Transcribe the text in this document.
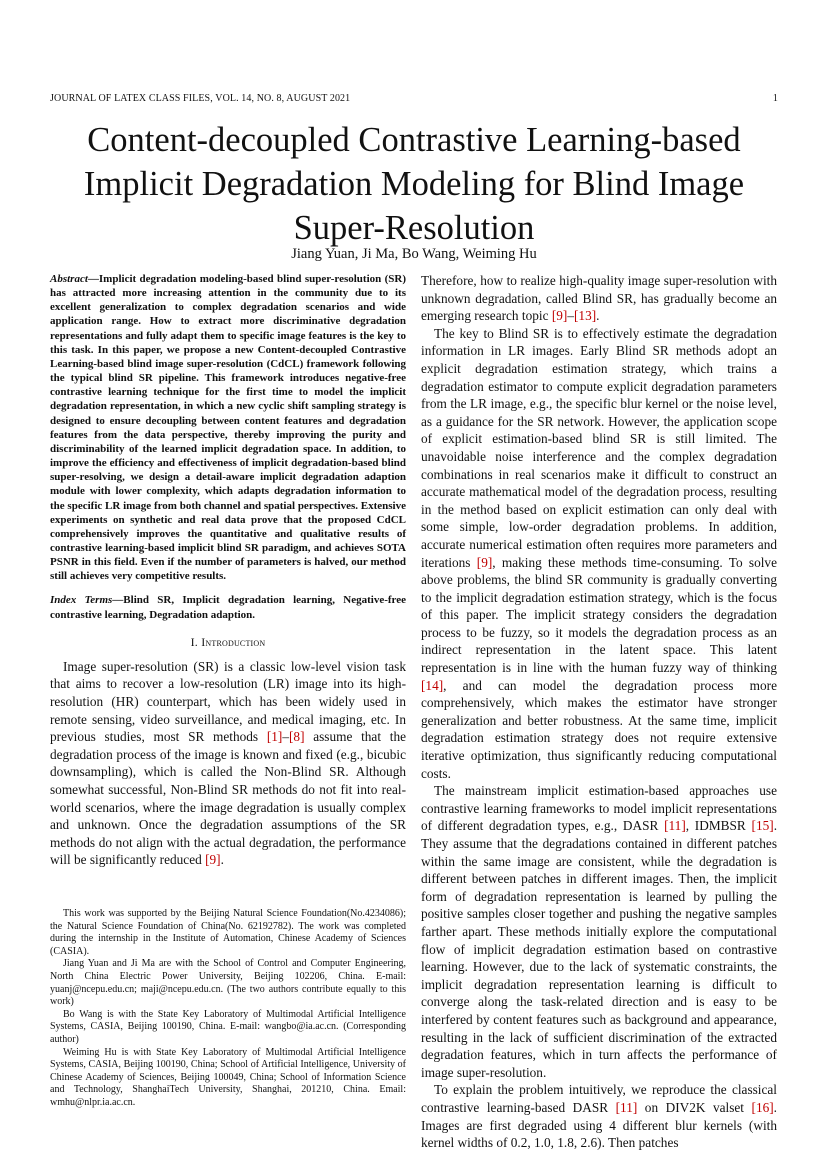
JOURNAL OF LATEX CLASS FILES, VOL. 14, NO. 8, AUGUST 2021	1
Content-decoupled Contrastive Learning-based
Implicit Degradation Modeling for Blind Image
Super-Resolution
Jiang Yuan, Ji Ma, Bo Wang, Weiming Hu

Abstract—Implicit degradation modeling-based blind super-resolution (SR) has attracted more increasing attention in the community due to its excellent generalization to complex degradation scenarios and wide application range. How to extract more discriminative degradation representations and fully adapt them to specific image features is the key to this task. In this paper, we propose a new Content-decoupled Contrastive Learning-based blind image super-resolution (CdCL) framework following the typical blind SR pipeline. This framework introduces negative-free contrastive learning technique for the first time to model the implicit degradation representation, in which a new cyclic shift sampling strategy is designed to ensure decoupling between content features and degradation features from the data perspective, thereby improving the purity and discriminability of the learned implicit degradation space. In addition, to improve the efficiency and effectiveness of implicit degradation-based blind super-resolving, we design a detail-aware implicit degradation adaption module with lower complexity, which adapts degradation information to the specific LR image from both channel and spatial perspectives. Extensive experiments on synthetic and real data prove that the proposed CdCL comprehensively improves the quantitative and qualitative results of contrastive learning-based implicit blind SR paradigm, and achieves SOTA PSNR in this field. Even if the number of parameters is halved, our method still achieves very competitive results.

Index Terms—Blind SR, Implicit degradation learning, Negative-free contrastive learning, Degradation adaption.

I. Introduction

Image super-resolution (SR) is a classic low-level vision task that aims to recover a low-resolution (LR) image into its high-resolution (HR) counterpart, which has been widely used in remote sensing, video surveillance, and medical imaging, etc. In previous studies, most SR methods [1]–[8] assume that the degradation process of the image is known and fixed (e.g., bicubic downsampling), which is called the Non-Blind SR. Although somewhat successful, Non-Blind SR methods do not fit into real-world scenarios, where the image degradation is usually complex and unknown. Once the degradation assumptions of the SR methods do not align with the actual degradation, the performance will be significantly reduced [9].

This work was supported by the Beijing Natural Science Foundation(No.4234086); the Natural Science Foundation of China(No. 62192782). The work was completed during the internship in the Institute of Automation, Chinese Academy of Sciences (CASIA).

Jiang Yuan and Ji Ma are with the School of Control and Computer Engineering, North China Electric Power University, Beijing 102206, China. E-mail: yuanj@ncepu.edu.cn; maji@ncepu.edu.cn. (The two authors contribute equally to this work)

Bo Wang is with the State Key Laboratory of Multimodal Artificial Intelligence Systems, CASIA, Beijing 100190, China. E-mail: wangbo@ia.ac.cn. (Corresponding author)

Weiming Hu is with State Key Laboratory of Multimodal Artificial Intelligence Systems, CASIA, Beijing 100190, China; School of Artificial Intelligence, University of Chinese Academy of Sciences, Beijing 100049, China; School of Information Science and Technology, ShanghaiTech University, Shanghai, 201210, China. Email: wmhu@nlpr.ia.ac.cn.

Therefore, how to realize high-quality image super-resolution with unknown degradation, called Blind SR, has gradually become an emerging research topic [9]–[13].

The key to Blind SR is to effectively estimate the degradation information in LR images. Early Blind SR methods adopt an explicit degradation estimation strategy, which trains a degradation estimator to compute explicit degradation parameters from the LR image, e.g., the specific blur kernel or the noise level, as a guidance for the SR network. However, the application scope of explicit estimation-based blind SR is still limited. The unavoidable noise interference and the complex degradation combinations in real scenarios make it difficult to construct an accurate mathematical model of the degradation process, resulting in the method based on explicit estimation can only deal with some simple, low-order degradation problems. In addition, accurate numerical estimation often requires more parameters and iterations [9], making these methods time-consuming. To solve above problems, the blind SR community is gradually converting to the implicit degradation estimation strategy, which is the focus of this paper. The implicit strategy considers the degradation process to be fuzzy, so it models the degradation process as an indirect representation in the latent space. This latent representation is in line with the human fuzzy way of thinking [14], and can model the degradation process more comprehensively, which makes the estimator have stronger generalization and better robustness. At the same time, implicit degradation estimation strategy does not require extensive iterative optimization, thus significantly reducing computational costs.

The mainstream implicit estimation-based approaches use contrastive learning frameworks to model implicit representations of different degradation types, e.g., DASR [11], IDMBSR [15]. They assume that the degradations contained in different patches within the same image are consistent, while the degradation is different between patches in different images. Then, the implicit form of degradation representation is learned by pulling the positive samples closer together and pushing the negative samples farther apart. These methods initially explore the computational flow of implicit degradation estimation based on contrastive learning. However, due to the lack of systematic constraints, the implicit degradation representation learning is difficult to converge along the task-related direction and is easy to be interfered by content features such as background and appearance, resulting in the lack of sufficient discrimination of the extracted degradation features, which in turn affects the performance of image super-resolution.

To explain the problem intuitively, we reproduce the classical contrastive learning-based DASR [11] on DIV2K valset [16]. Images are first degraded using 4 different blur kernels (with kernel widths of 0.2, 1.0, 1.8, 2.6). Then patches
